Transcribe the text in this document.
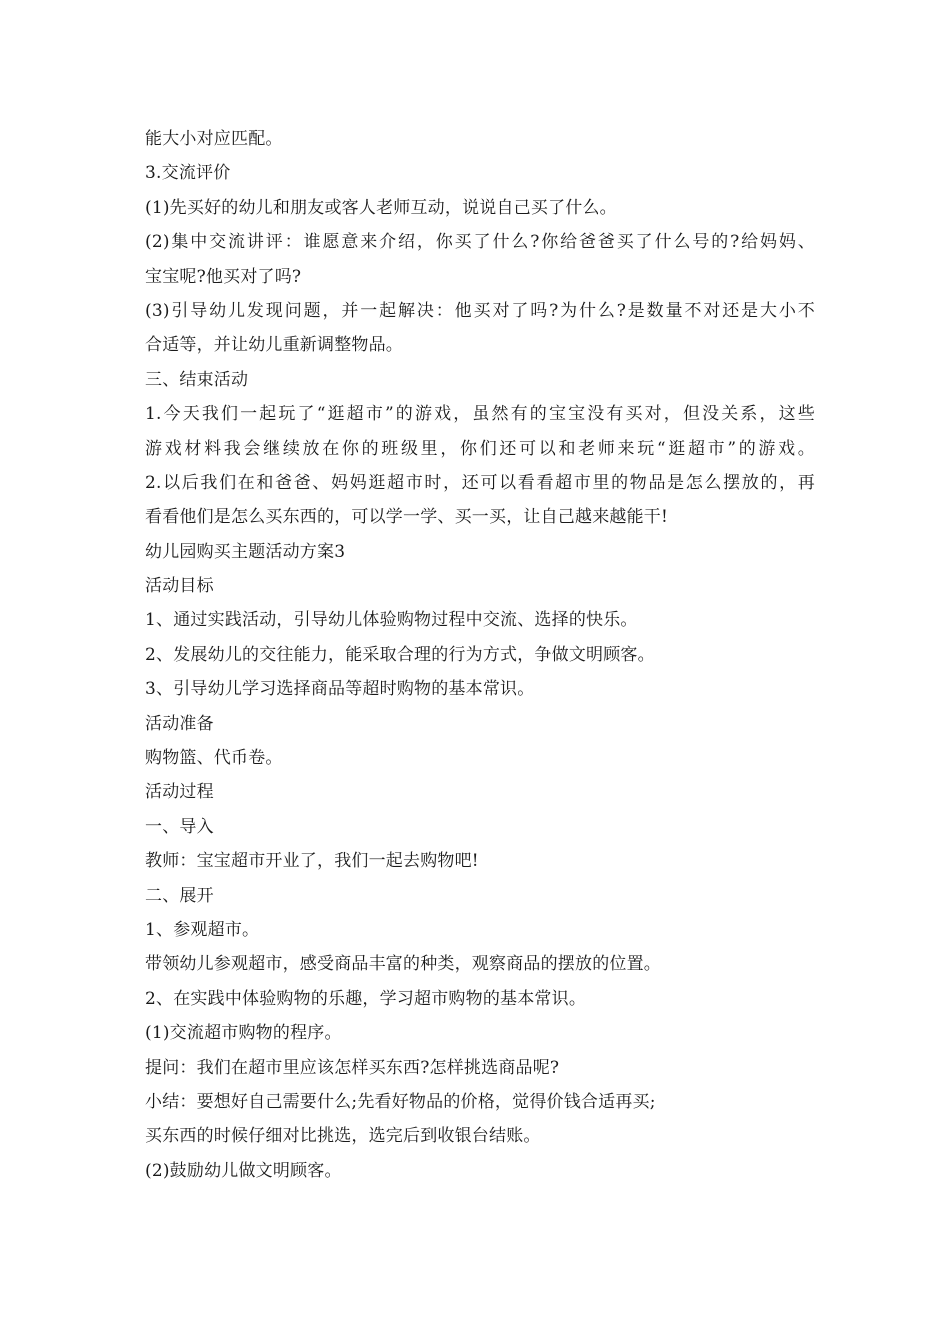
能大小对应匹配。
3.交流评价
(1)先买好的幼儿和朋友或客人老师互动，说说自己买了什么。
(2)集中交流讲评：谁愿意来介绍，你买了什么?你给爸爸买了什么号的?给妈妈、
宝宝呢?他买对了吗?
(3)引导幼儿发现问题，并一起解决：他买对了吗?为什么?是数量不对还是大小不
合适等，并让幼儿重新调整物品。
三、结束活动
1.今天我们一起玩了“逛超市”的游戏，虽然有的宝宝没有买对，但没关系，这些
游戏材料我会继续放在你的班级里，你们还可以和老师来玩“逛超市”的游戏。
2.以后我们在和爸爸、妈妈逛超市时，还可以看看超市里的物品是怎么摆放的，再
看看他们是怎么买东西的，可以学一学、买一买，让自己越来越能干!
幼儿园购买主题活动方案3
活动目标
1、通过实践活动，引导幼儿体验购物过程中交流、选择的快乐。
2、发展幼儿的交往能力，能采取合理的行为方式，争做文明顾客。
3、引导幼儿学习选择商品等超时购物的基本常识。
活动准备
购物篮、代币卷。
活动过程
一、导入
教师：宝宝超市开业了，我们一起去购物吧!
二、展开
1、参观超市。
带领幼儿参观超市，感受商品丰富的种类，观察商品的摆放的位置。
2、在实践中体验购物的乐趣，学习超市购物的基本常识。
(1)交流超市购物的程序。
提问：我们在超市里应该怎样买东西?怎样挑选商品呢?
小结：要想好自己需要什么;先看好物品的价格，觉得价钱合适再买;
买东西的时候仔细对比挑选，选完后到收银台结账。
(2)鼓励幼儿做文明顾客。
